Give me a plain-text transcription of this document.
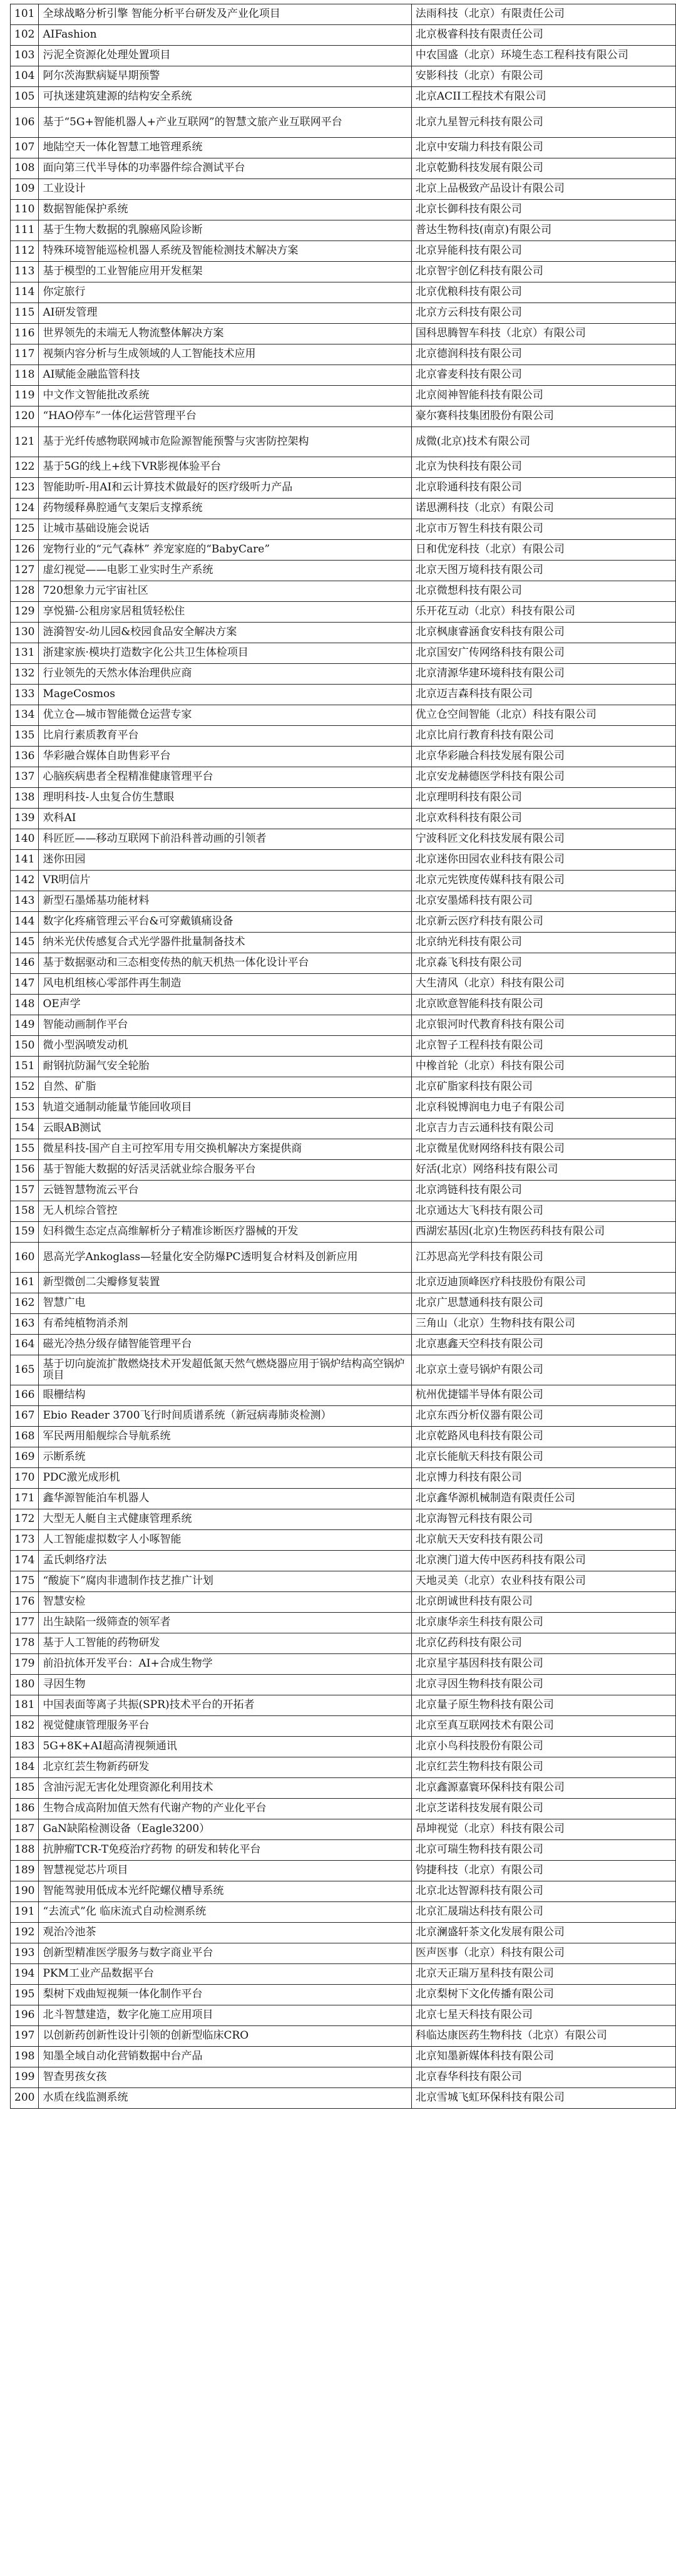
101	全球战略分析引擎 智能分析平台研发及产业化项目	法雨科技（北京）有限责任公司
102	AIFashion	北京极睿科技有限责任公司
103	污泥全资源化处理处置项目	中农国盛（北京）环境生态工程科技有限公司
104	阿尔茨海默病疑早期预警	安影科技（北京）有限公司
105	可执迷建筑建源的结构安全系统	北京ACII工程技术有限公司
106	基于“5G+智能机器人+产业互联网”的智慧文旅产业互联网平台	北京九星智元科技有限公司
107	地陆空天一体化智慧工地管理系统	北京中安瑞力科技有限公司
108	面向第三代半导体的功率器件综合测试平台	北京乾勤科技发展有限公司
109	工业设计	北京上品极致产品设计有限公司
110	数据智能保护系统	北京长御科技有限公司
111	基于生物大数据的乳腺癌风险诊断	普达生物科技(南京)有限公司
112	特殊环境智能巡检机器人系统及智能检测技术解决方案	北京异能科技有限公司
113	基于模型的工业智能应用开发框架	北京智宇创亿科技有限公司
114	你定旅行	北京优粮科技有限公司
115	AI研发管理	北京方云科技有限公司
116	世界领先的未端无人物流整体解决方案	国科思腾智车科技（北京）有限公司
117	视频内容分析与生成领域的人工智能技术应用	北京德润科技有限公司
118	AI赋能金融监管科技	北京睿麦科技有限公司
119	中文作文智能批改系统	北京阅神智能科技有限公司
120	“HAO停车”一体化运营管理平台	豪尔赛科技集团股份有限公司
121	基于光纤传感物联网城市危险源智能预警与灾害防控架构	成微(北京)技术有限公司
122	基于5G的线上+线下VR影视体验平台	北京为快科技有限公司
123	智能助听-用AI和云计算技术做最好的医疗级听力产品	北京聆通科技有限公司
124	药物缓释鼻腔通气支架后支撑系统	诺思溯科技（北京）有限公司
125	让城市基础设施会说话	北京市万智生科技有限公司
126	宠物行业的“元气森林” 养宠家庭的“BabyCare”	日和优宠科技（北京）有限公司
127	虚幻视觉——电影工业实时生产系统	北京天图万境科技有限公司
128	720想象力元宇宙社区	北京微想科技有限公司
129	享悦猫-公租房家居租赁轻松住	乐开花互动（北京）科技有限公司
130	涟漪智安-幼儿园&校园食品安全解决方案	北京枫康睿涵食安科技有限公司
131	浙建家族·模块打造数字化公共卫生体检项目	北京国安广传网络科技有限公司
132	行业领先的天然水体治理供应商	北京清源华建环境科技有限公司
133	MageCosmos	北京迈吉森科技有限公司
134	优立仓—城市智能微仓运营专家	优立仓空间智能（北京）科技有限公司
135	比肩行素质教育平台	北京比肩行教育科技有限公司
136	华彩融合媒体自助售彩平台	北京华彩融合科技发展有限公司
137	心脑疾病患者全程精准健康管理平台	北京安龙赫德医学科技有限公司
138	理明科技-人虫复合仿生慧眼	北京理明科技有限公司
139	欢科AI	北京欢科科技有限公司
140	科匠匠——移动互联网下前沿科普动画的引领者	宁波科匠文化科技发展有限公司
141	迷你田园	北京迷你田园农业科技有限公司
142	VR明信片	北京元宪铁度传媒科技有限公司
143	新型石墨烯基功能材料	北京安墨烯科技有限公司
144	数字化疼痛管理云平台&可穿戴镇痛设备	北京新云医疗科技有限公司
145	纳米光伏传感复合式光学器件批量制备技术	北京纳光科技有限公司
146	基于数据驱动和三态相变传热的航天机热一体化设计平台	北京淼飞科技有限公司
147	风电机组核心零部件再生制造	大生清风（北京）科技有限公司
148	OE声学	北京欧意智能科技有限公司
149	智能动画制作平台	北京银河时代教育科技有限公司
150	微小型涡喷发动机	北京智子工程科技有限公司
151	耐钢抗防漏气安全轮胎	中橡首轮（北京）科技有限公司
152	自然、矿脂	北京矿脂家科技有限公司
153	轨道交通制动能量节能回收项目	北京科锐博润电力电子有限公司
154	云眼AB测试	北京吉力吉云通科技有限公司
155	微星科技-国产自主可控军用专用交换机解决方案提供商	北京微星优财网络科技有限公司
156	基于智能大数据的好活灵活就业综合服务平台	好活(北京）网络科技有限公司
157	云链智慧物流云平台	北京鸿链科技有限公司
158	无人机综合管控	北京通达大飞科技有限公司
159	妇科微生态定点高维解析分子精准诊断医疗器械的开发	西湖宏基因(北京)生物医药科技有限公司
160	恩高光学Ankoglass—轻量化安全防爆PC透明复合材料及创新应用	江苏思高光学科技有限公司
161	新型微创二尖瓣修复装置	北京迈迪顶峰医疗科技股份有限公司
162	智慧广电	北京广思慧通科技有限公司
163	有希纯植物消杀剂	三角山（北京）生物科技有限公司
164	磁光冷热分级存储智能管理平台	北京惠鑫天空科技有限公司
165	基于切向旋流扩散燃烧技术开发超低氮天然气燃烧器应用于锅炉结构高空锅炉项目	北京京土壹号锅炉有限公司
166	眼栅结构	杭州优捷镭半导体有限公司
167	Ebio Reader 3700飞行时间质谱系统（新冠病毒肺炎检测）	北京东西分析仪器有限公司
168	军民两用船舰综合导航系统	北京乾路风电科技有限公司
169	示断系统	北京长能航天科技有限公司
170	PDC激光成形机	北京博力科技有限公司
171	鑫华源智能泊车机器人	北京鑫华源机械制造有限责任公司
172	大型无人艇自主式健康管理系统	北京海智元科技有限公司
173	人工智能虚拟数字人小啄智能	北京航天天安科技有限公司
174	孟氏刺络疗法	北京澳门道大传中医药科技有限公司
175	“酸旋下”腐肉非遗制作技艺推广计划	天地灵美（北京）农业科技有限公司
176	智慧安检	北京朗诚世科技有限公司
177	出生缺陷一级筛查的领军者	北京康华亲生科技有限公司
178	基于人工智能的药物研发	北京亿药科技有限公司
179	前沿抗体开发平台：AI+合成生物学	北京星宇基因科技有限公司
180	寻因生物	北京寻因生物科技有限公司
181	中国表面等离子共振(SPR)技术平台的开拓者	北京量子原生物科技有限公司
182	视觉健康管理服务平台	北京至真互联网技术有限公司
183	5G+8K+AI超高清视频通讯	北京小鸟科技股份有限公司
184	北京红芸生物新药研发	北京红芸生物科技有限公司
185	含油污泥无害化处理资源化利用技术	北京鑫源嘉寰环保科技有限公司
186	生物合成高附加值天然有代谢产物的产业化平台	北京芝诺科技发展有限公司
187	GaN缺陷检测设备（Eagle3200）	昂坤视觉（北京）科技有限公司
188	抗肿瘤TCR-T免疫治疗药物 的研发和转化平台	北京可瑞生物科技有限公司
189	智慧视觉芯片项目	钧捷科技（北京）有限公司
190	智能驾驶用低成本光纤陀螺仪槽导系统	北京北达智源科技有限公司
191	“去流式”化 临床流式自动检测系统	北京汇晟瑞达科技有限公司
192	观治冷池茶	北京澜盛轩茶文化发展有限公司
193	创新型精准医学服务与数字商业平台	医声医事（北京）科技有限公司
194	PKM工业产品数据平台	北京天正瑞万星科技有限公司
195	梨树下戏曲短视频一体化制作平台	北京梨树下文化传播有限公司
196	北斗智慧建造，数字化施工应用项目	北京七星天科技有限公司
197	以创新药创新性设计引领的创新型临床CRO	科临达康医药生物科技（北京）有限公司
198	知墨全域自动化营销数据中台产品	北京知墨新媒体科技有限公司
199	智查男孩女孩	北京春华科技有限公司
200	水质在线监测系统	北京雪城飞虹环保科技有限公司
